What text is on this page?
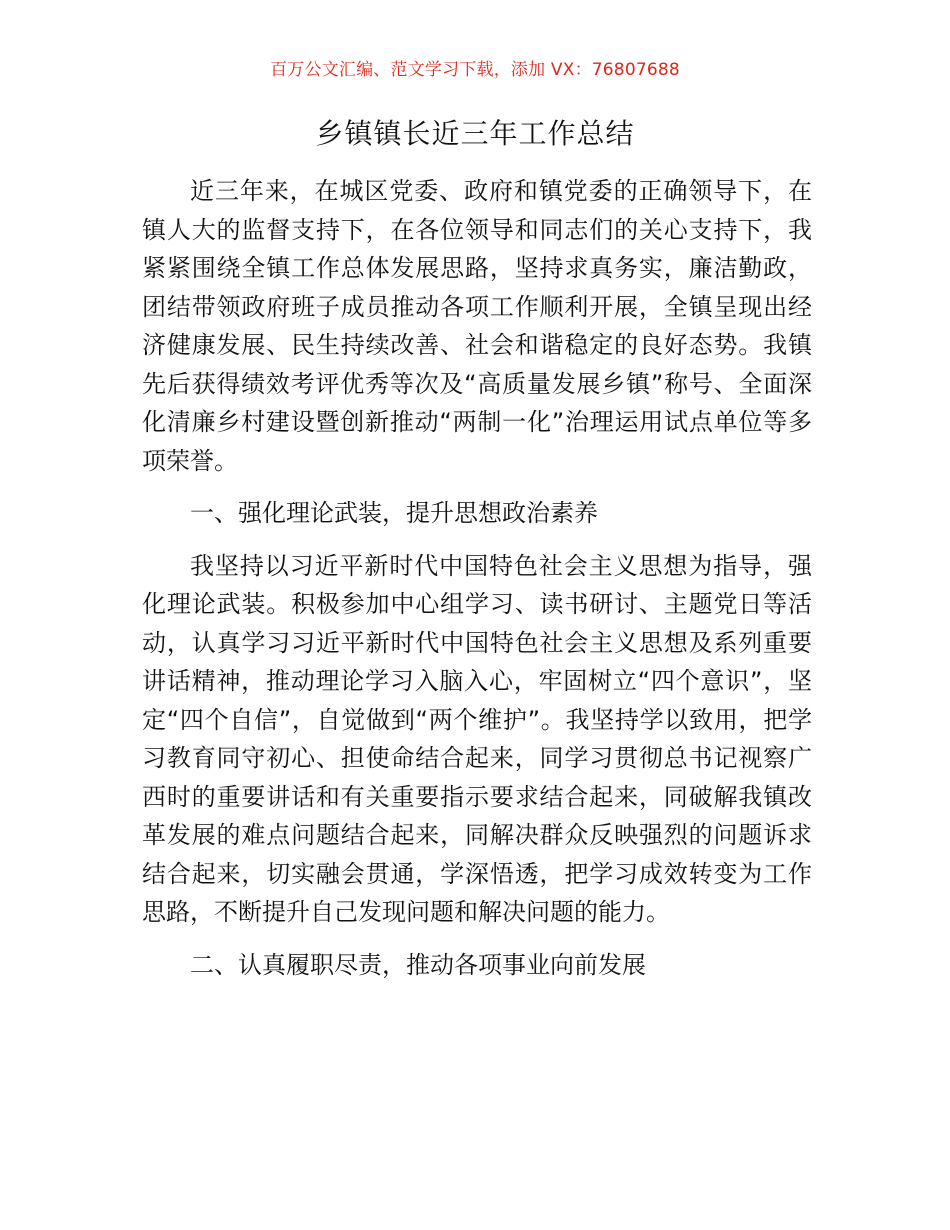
百万公文汇编、范文学习下载，添加 VX：76807688
乡镇镇长近三年工作总结

近三年来，在城区党委、政府和镇党委的正确领导下，在镇人大的监督支持下，在各位领导和同志们的关心支持下，我紧紧围绕全镇工作总体发展思路，坚持求真务实，廉洁勤政，团结带领政府班子成员推动各项工作顺利开展，全镇呈现出经济健康发展、民生持续改善、社会和谐稳定的良好态势。我镇先后获得绩效考评优秀等次及“高质量发展乡镇”称号、全面深化清廉乡村建设暨创新推动“两制一化”治理运用试点单位等多项荣誉。

一、强化理论武装，提升思想政治素养

我坚持以习近平新时代中国特色社会主义思想为指导，强化理论武装。积极参加中心组学习、读书研讨、主题党日等活动，认真学习习近平新时代中国特色社会主义思想及系列重要讲话精神，推动理论学习入脑入心，牢固树立“四个意识”，坚定“四个自信”，自觉做到“两个维护”。我坚持学以致用，把学习教育同守初心、担使命结合起来，同学习贯彻总书记视察广西时的重要讲话和有关重要指示要求结合起来，同破解我镇改革发展的难点问题结合起来，同解决群众反映强烈的问题诉求结合起来，切实融会贯通，学深悟透，把学习成效转变为工作思路，不断提升自己发现问题和解决问题的能力。

二、认真履职尽责，推动各项事业向前发展
